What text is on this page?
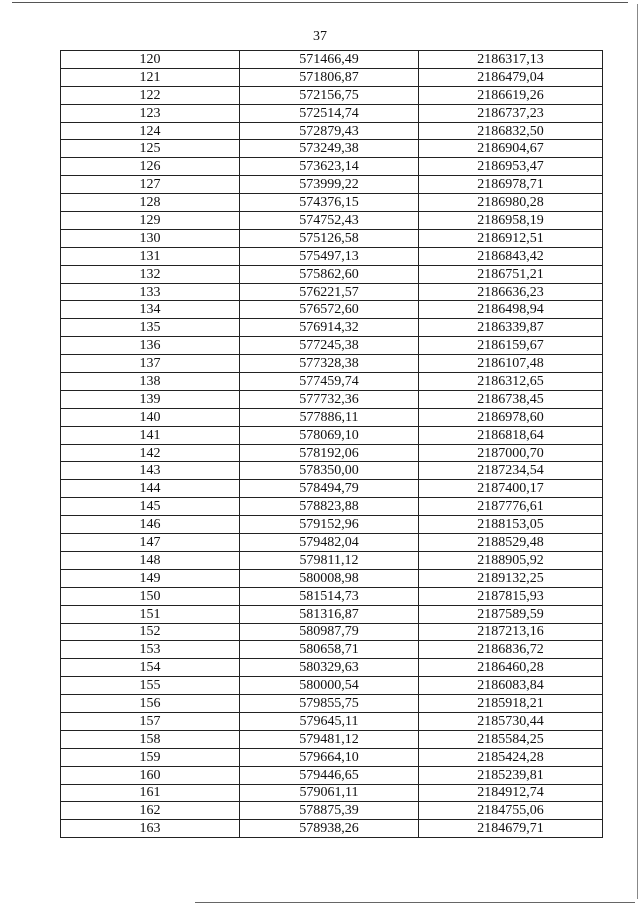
37
120	571466,49	2186317,13
121	571806,87	2186479,04
122	572156,75	2186619,26
123	572514,74	2186737,23
124	572879,43	2186832,50
125	573249,38	2186904,67
126	573623,14	2186953,47
127	573999,22	2186978,71
128	574376,15	2186980,28
129	574752,43	2186958,19
130	575126,58	2186912,51
131	575497,13	2186843,42
132	575862,60	2186751,21
133	576221,57	2186636,23
134	576572,60	2186498,94
135	576914,32	2186339,87
136	577245,38	2186159,67
137	577328,38	2186107,48
138	577459,74	2186312,65
139	577732,36	2186738,45
140	577886,11	2186978,60
141	578069,10	2186818,64
142	578192,06	2187000,70
143	578350,00	2187234,54
144	578494,79	2187400,17
145	578823,88	2187776,61
146	579152,96	2188153,05
147	579482,04	2188529,48
148	579811,12	2188905,92
149	580008,98	2189132,25
150	581514,73	2187815,93
151	581316,87	2187589,59
152	580987,79	2187213,16
153	580658,71	2186836,72
154	580329,63	2186460,28
155	580000,54	2186083,84
156	579855,75	2185918,21
157	579645,11	2185730,44
158	579481,12	2185584,25
159	579664,10	2185424,28
160	579446,65	2185239,81
161	579061,11	2184912,74
162	578875,39	2184755,06
163	578938,26	2184679,71
